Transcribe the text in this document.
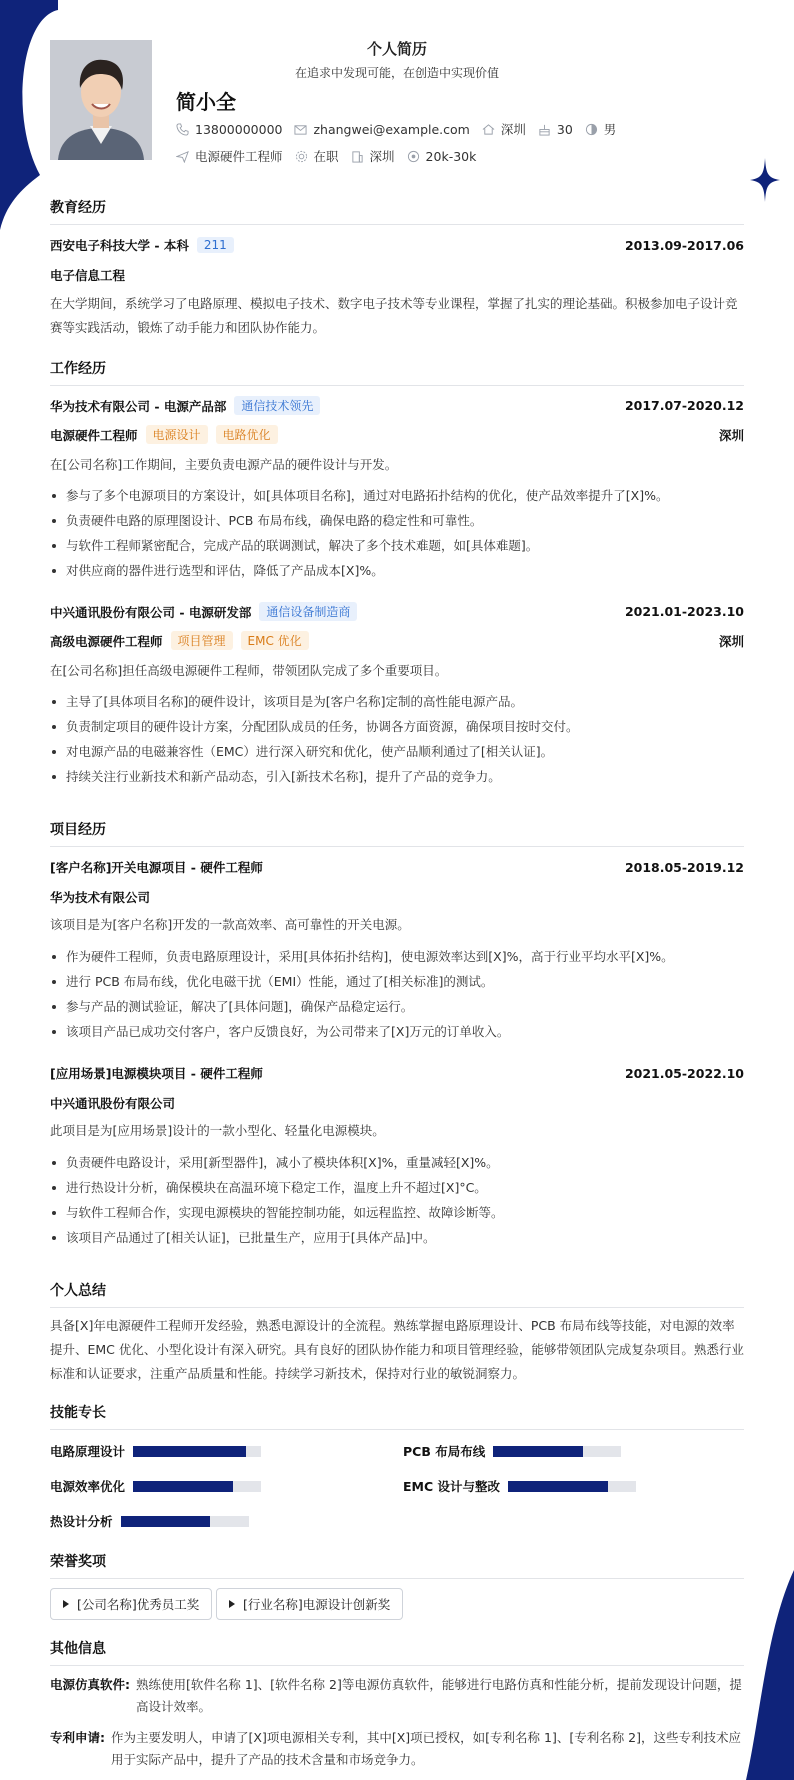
个人简历
在追求中发现可能，在创造中实现价值
简小全
13800000000 zhangwei@example.com 深圳 30 男
电源硬件工程师 在职 深圳 20k-30k
教育经历
西安电子科技大学 - 本科	211	2013.09-2017.06
电子信息工程
在大学期间，系统学习了电路原理、模拟电子技术、数字电子技术等专业课程，掌握了扎实的理论基础。积极参加电子设计竞赛等实践活动，锻炼了动手能力和团队协作能力。
工作经历
华为技术有限公司 - 电源产品部	通信技术领先	2017.07-2020.12
电源硬件工程师	电源设计	电路优化	深圳
在[公司名称]工作期间，主要负责电源产品的硬件设计与开发。
参与了多个电源项目的方案设计，如[具体项目名称]，通过对电路拓扑结构的优化，使产品效率提升了[X]%。
负责硬件电路的原理图设计、PCB 布局布线，确保电路的稳定性和可靠性。
与软件工程师紧密配合，完成产品的联调测试，解决了多个技术难题，如[具体难题]。
对供应商的器件进行选型和评估，降低了产品成本[X]%。
中兴通讯股份有限公司 - 电源研发部	通信设备制造商	2021.01-2023.10
高级电源硬件工程师	项目管理	EMC 优化	深圳
在[公司名称]担任高级电源硬件工程师，带领团队完成了多个重要项目。
主导了[具体项目名称]的硬件设计，该项目是为[客户名称]定制的高性能电源产品。
负责制定项目的硬件设计方案，分配团队成员的任务，协调各方面资源，确保项目按时交付。
对电源产品的电磁兼容性（EMC）进行深入研究和优化，使产品顺利通过了[相关认证]。
持续关注行业新技术和新产品动态，引入[新技术名称]，提升了产品的竞争力。
项目经历
[客户名称]开关电源项目 - 硬件工程师	2018.05-2019.12
华为技术有限公司
该项目是为[客户名称]开发的一款高效率、高可靠性的开关电源。
作为硬件工程师，负责电路原理设计，采用[具体拓扑结构]，使电源效率达到[X]%，高于行业平均水平[X]%。
进行 PCB 布局布线，优化电磁干扰（EMI）性能，通过了[相关标准]的测试。
参与产品的测试验证，解决了[具体问题]，确保产品稳定运行。
该项目产品已成功交付客户，客户反馈良好，为公司带来了[X]万元的订单收入。
[应用场景]电源模块项目 - 硬件工程师	2021.05-2022.10
中兴通讯股份有限公司
此项目是为[应用场景]设计的一款小型化、轻量化电源模块。
负责硬件电路设计，采用[新型器件]，减小了模块体积[X]%，重量减轻[X]%。
进行热设计分析，确保模块在高温环境下稳定工作，温度上升不超过[X]°C。
与软件工程师合作，实现电源模块的智能控制功能，如远程监控、故障诊断等。
该项目产品通过了[相关认证]，已批量生产，应用于[具体产品]中。
个人总结
具备[X]年电源硬件工程师开发经验，熟悉电源设计的全流程。熟练掌握电路原理设计、PCB 布局布线等技能，对电源的效率提升、EMC 优化、小型化设计有深入研究。具有良好的团队协作能力和项目管理经验，能够带领团队完成复杂项目。熟悉行业标准和认证要求，注重产品质量和性能。持续学习新技术，保持对行业的敏锐洞察力。
技能专长
电路原理设计	PCB 布局布线
电源效率优化	EMC 设计与整改
热设计分析
荣誉奖项
[公司名称]优秀员工奖	[行业名称]电源设计创新奖
其他信息
电源仿真软件: 熟练使用[软件名称 1]、[软件名称 2]等电源仿真软件，能够进行电路仿真和性能分析，提前发现设计问题，提高设计效率。
专利申请: 作为主要发明人，申请了[X]项电源相关专利，其中[X]项已授权，如[专利名称 1]、[专利名称 2]，这些专利技术应用于实际产品中，提升了产品的技术含量和市场竞争力。
